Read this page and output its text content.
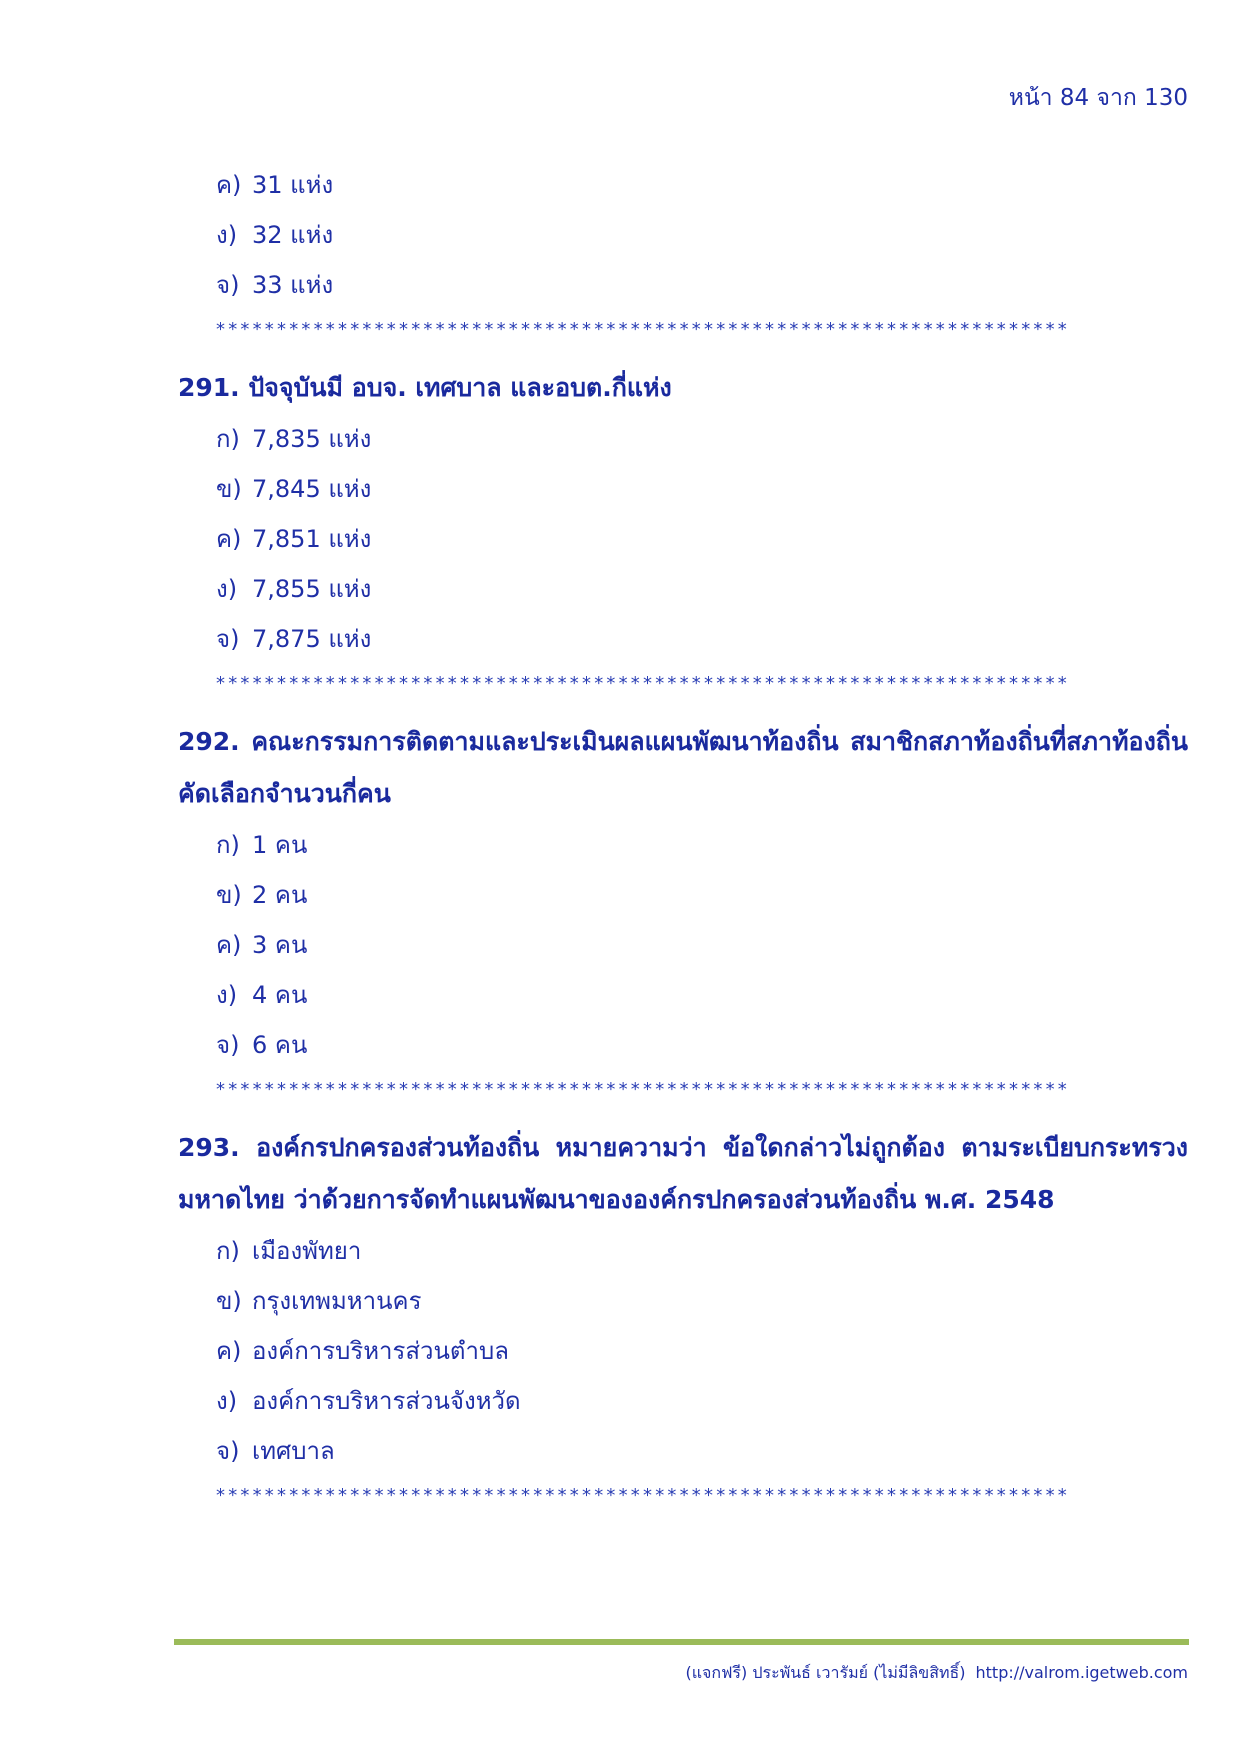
หน้า 84 จาก 130
ค) 31 แห่ง
ง) 32 แห่ง
จ) 33 แห่ง
**********************************************************************
291. ปัจจุบันมี อบจ. เทศบาล และอบต.กี่แห่ง
ก) 7,835 แห่ง
ข) 7,845 แห่ง
ค) 7,851 แห่ง
ง) 7,855 แห่ง
จ) 7,875 แห่ง
**********************************************************************
292. คณะกรรมการติดตามและประเมินผลแผนพัฒนาท้องถิ่น สมาชิกสภาท้องถิ่นที่สภาท้องถิ่นคัดเลือกจำนวนกี่คน
ก) 1 คน
ข) 2 คน
ค) 3 คน
ง) 4 คน
จ) 6 คน
**********************************************************************
293. องค์กรปกครองส่วนท้องถิ่น หมายความว่า ข้อใดกล่าวไม่ถูกต้อง ตามระเบียบกระทรวงมหาดไทย ว่าด้วยการจัดทำแผนพัฒนาขององค์กรปกครองส่วนท้องถิ่น พ.ศ. 2548
ก) เมืองพัทยา
ข) กรุงเทพมหานคร
ค) องค์การบริหารส่วนตำบล
ง) องค์การบริหารส่วนจังหวัด
จ) เทศบาล
**********************************************************************
(แจกฟรี) ประพันธ์ เวารัมย์ (ไม่มีลิขสิทธิ์) http://valrom.igetweb.com
